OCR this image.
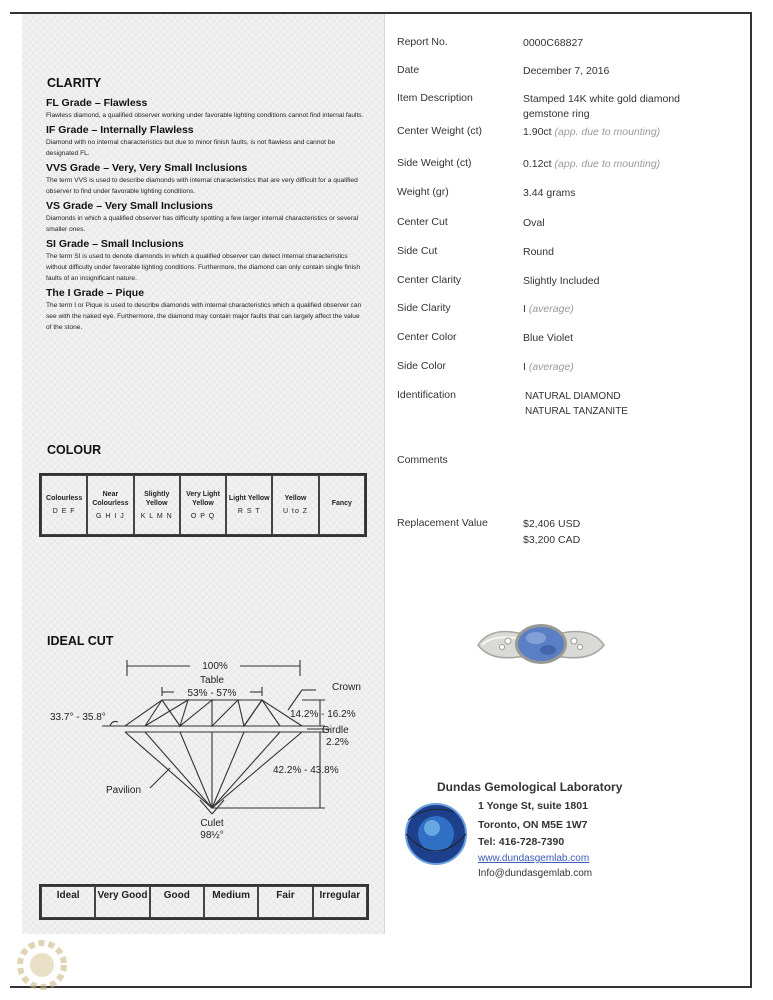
CLARITY
FL Grade – Flawless
Flawless diamond, a qualified observer working under favorable lighting conditions cannot find internal faults.
IF Grade – Internally Flawless
Diamond with no internal characteristics but due to minor finish faults, is not flawless and cannot be designated FL.
VVS Grade – Very, Very Small Inclusions
The term VVS is used to describe diamonds with internal characteristics that are very difficult for a qualified observer to find under favorable lighting conditions.
VS Grade – Very Small Inclusions
Diamonds in which a qualified observer has difficulty spotting a few larger internal characteristics or several smaller ones.
SI Grade – Small Inclusions
The term SI is used to denote diamonds in which a qualified observer can detect internal characteristics without difficulty under favorable lighting conditions. Furthermore, the diamond can only contain single finish faults of an insignificant nature.
The I Grade – Pique
The term I or Pique is used to describe diamonds with internal characteristics which a qualified observer can see with the naked eye. Furthermore, the diamond may contain major faults that can largely affect the value of the stone.
COLOUR
Colourless
D E F
	Near Colourless
G H I J
	Slightly Yellow
K L M N
	Very Light Yellow
O P Q
	Light Yellow
R S T
	Yellow
U to Z
	Fancy
IDEAL CUT
100%
Table
53% - 57%
Culet
98½°
Crown
33.7° - 35.8°	14.2% - 16.2%
Girdle
2.2%
42.2% - 43.8%
Pavilion
Ideal	Very Good	Good	Medium	Fair	Irregular
Report No.	0000C68827
Date	December 7, 2016
Item Description	Stamped 14K white gold diamond gemstone ring
Center Weight (ct)	1.90ct (app. due to mounting)
Side Weight (ct)	0.12ct (app. due to mounting)
Weight (gr)	3.44 grams
Center Cut	Oval
Side Cut	Round
Center Clarity	Slightly Included
Side Clarity	I (average)
Center Color	Blue Violet
Side Color	I (average)
Identification	NATURAL DIAMOND
NATURAL TANZANITE
Comments
Replacement Value	$2,406 USD
$3,200 CAD
Dundas Gemological Laboratory
1 Yonge St, suite 1801
Toronto, ON M5E 1W7
Tel: 416-728-7390
www.dundasgemlab.com
Info@dundasgemlab.com
